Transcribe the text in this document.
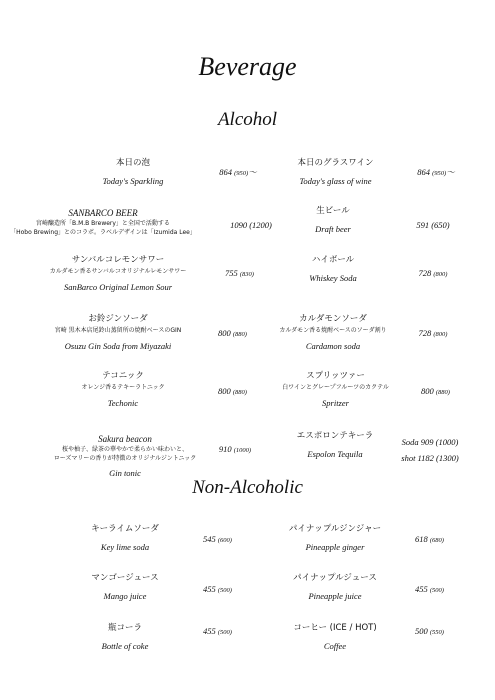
Beverage
Alcohol
本日の泡
Today's Sparkling
864 (950)〜
本日のグラスワイン
Today's glass of wine
864 (950)〜
SANBARCO BEER
宮崎醸造所「B.M.B Brewery」と全国で活動する
「Hobo Brewing」とのコラボ。ラベルデザインは「Izumida Lee」
1090 (1200)
生ビール
Draft beer	591 (650)
サンバルコレモンサワー
カルダモン香るサンバルコオリジナルレモンサワー
SanBarco Original Lemon Sour
755 (830)
ハイボール
Whiskey Soda	728 (800)
お鈴ジンソーダ
宮崎 黒木本店尾鈴山蒸留所の焼酎ベースのGIN
Osuzu Gin Soda from Miyazaki
800 (880)
カルダモンソーダ
カルダモン香る焼酎ベースのソーダ割り
Cardamon soda
728 (800)
テコニック
オレンジ香るテキーラトニック
Techonic
800 (880)
スプリッツァー
白ワインとグレープフルーツのカクテル
Spritzer
800 (880)
Sakura beacon
桜や柚子、緑茶の華やかで柔らかい味わいと、
ローズマリーの香りが特徴のオリジナルジントニック
Gin tonic
910 (1000)
エスポロンテキーラ
Espolon Tequila
Soda 909 (1000)
shot 1182 (1300)
Non-Alcoholic
キーライムソーダ
Key lime soda
545 (600)
パイナップルジンジャー
Pineapple ginger
618 (680)
マンゴージュース
Mango juice
455 (500)
パイナップルジュース
Pineapple juice
455 (500)
瓶コーラ
Bottle of coke
455 (500)	コーヒー (ICE / HOT)
Coffee
500 (550)
